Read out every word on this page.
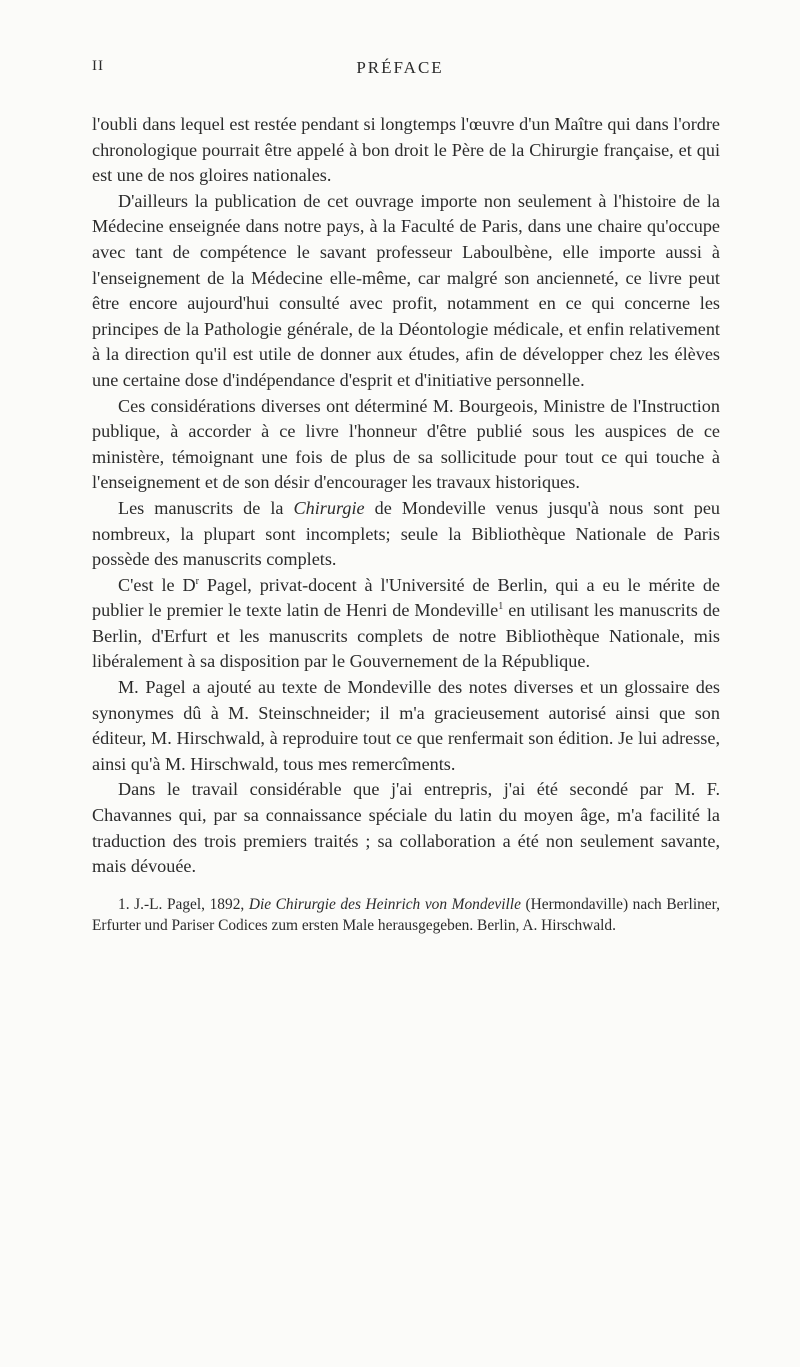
II	PRÉFACE

l'oubli dans lequel est restée pendant si longtemps l'œuvre d'un Maître qui dans l'ordre chronologique pourrait être appelé à bon droit le Père de la Chirurgie française, et qui est une de nos gloires nationales.

D'ailleurs la publication de cet ouvrage importe non seulement à l'histoire de la Médecine enseignée dans notre pays, à la Faculté de Paris, dans une chaire qu'occupe avec tant de compétence le savant professeur Laboulbène, elle importe aussi à l'enseignement de la Médecine elle-même, car malgré son ancienneté, ce livre peut être encore aujourd'hui consulté avec profit, notamment en ce qui concerne les principes de la Pathologie générale, de la Déontologie médicale, et enfin relativement à la direction qu'il est utile de donner aux études, afin de développer chez les élèves une certaine dose d'indépendance d'esprit et d'initiative personnelle.

Ces considérations diverses ont déterminé M. Bourgeois, Ministre de l'Instruction publique, à accorder à ce livre l'honneur d'être publié sous les auspices de ce ministère, témoignant une fois de plus de sa sollicitude pour tout ce qui touche à l'enseignement et de son désir d'encourager les travaux historiques.

Les manuscrits de la Chirurgie de Mondeville venus jusqu'à nous sont peu nombreux, la plupart sont incomplets; seule la Bibliothèque Nationale de Paris possède des manuscrits complets.

C'est le $D^r$ Pagel, privat-docent à l'Université de Berlin, qui a eu le mérite de publier le premier le texte latin de Henri de Mondeville$^1$ en utilisant les manuscrits de Berlin, d'Erfurt et les manuscrits complets de notre Bibliothèque Nationale, mis libéralement à sa disposition par le Gouvernement de la République.

M. Pagel a ajouté au texte de Mondeville des notes diverses et un glossaire des synonymes dû à M. Steinschneider; il m'a gracieusement autorisé ainsi que son éditeur, M. Hirschwald, à reproduire tout ce que renfermait son édition. Je lui adresse, ainsi qu'à M. Hirschwald, tous mes remercîments.

Dans le travail considérable que j'ai entrepris, j'ai été secondé par M. F. Chavannes qui, par sa connaissance spéciale du latin du moyen âge, m'a facilité la traduction des trois premiers traités ; sa collaboration a été non seulement savante, mais dévouée.

1. J.-L. Pagel, 1892, Die Chirurgie des Heinrich von Mondeville (Hermondaville) nach Berliner, Erfurter und Pariser Codices zum ersten Male herausgegeben. Berlin, A. Hirschwald.
